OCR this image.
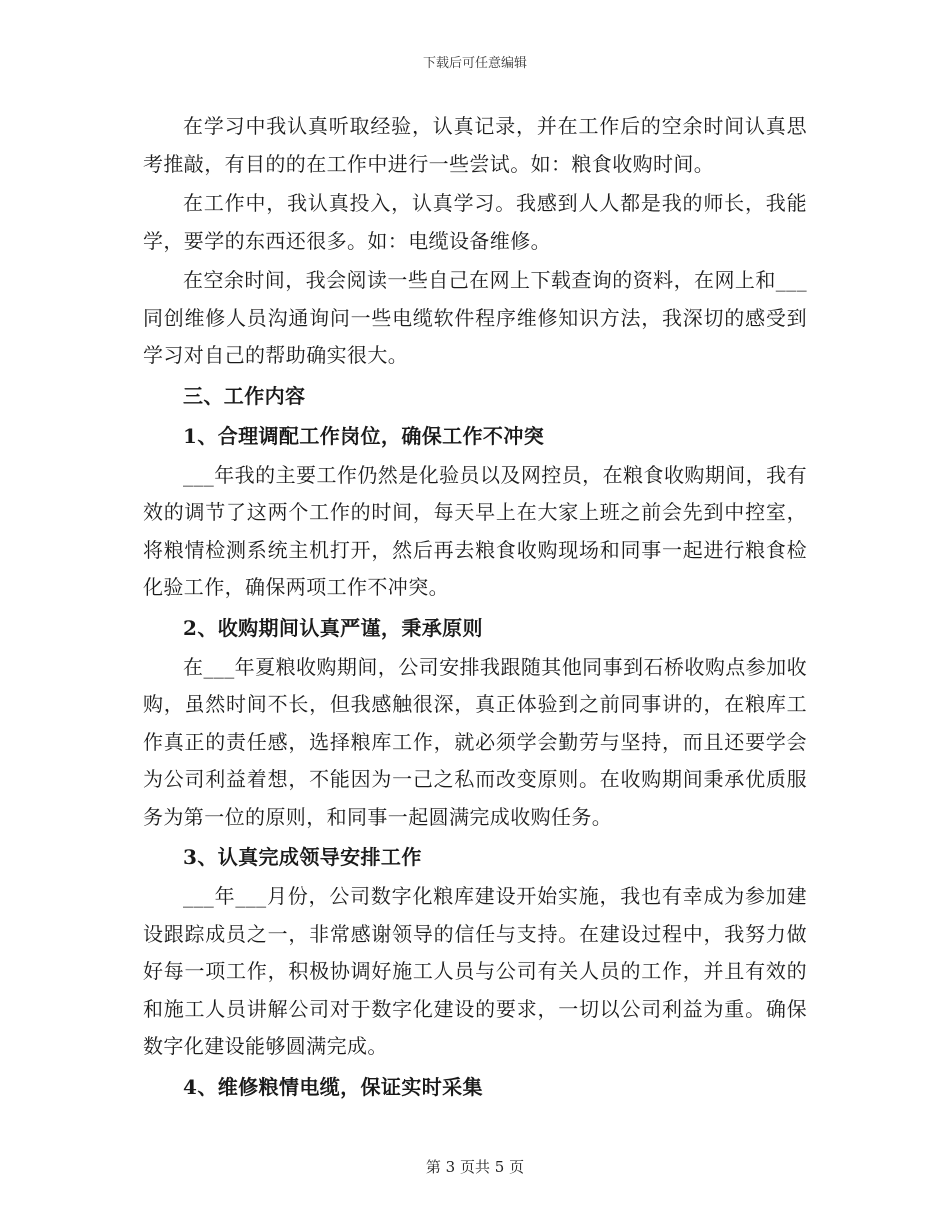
下载后可任意编辑

在学习中我认真听取经验，认真记录，并在工作后的空余时间认真思考推敲，有目的的在工作中进行一些尝试。如：粮食收购时间。

在工作中，我认真投入，认真学习。我感到人人都是我的师长，我能学，要学的东西还很多。如：电缆设备维修。

在空余时间，我会阅读一些自己在网上下载查询的资料，在网上和___同创维修人员沟通询问一些电缆软件程序维修知识方法，我深切的感受到学习对自己的帮助确实很大。

三、工作内容

1、合理调配工作岗位，确保工作不冲突

___年我的主要工作仍然是化验员以及网控员，在粮食收购期间，我有效的调节了这两个工作的时间，每天早上在大家上班之前会先到中控室，将粮情检测系统主机打开，然后再去粮食收购现场和同事一起进行粮食检化验工作，确保两项工作不冲突。

2、收购期间认真严谨，秉承原则

在___年夏粮收购期间，公司安排我跟随其他同事到石桥收购点参加收购，虽然时间不长，但我感触很深，真正体验到之前同事讲的，在粮库工作真正的责任感，选择粮库工作，就必须学会勤劳与坚持，而且还要学会为公司利益着想，不能因为一己之私而改变原则。在收购期间秉承优质服务为第一位的原则，和同事一起圆满完成收购任务。

3、认真完成领导安排工作

___年___月份，公司数字化粮库建设开始实施，我也有幸成为参加建设跟踪成员之一，非常感谢领导的信任与支持。在建设过程中，我努力做好每一项工作，积极协调好施工人员与公司有关人员的工作，并且有效的和施工人员讲解公司对于数字化建设的要求，一切以公司利益为重。确保数字化建设能够圆满完成。

4、维修粮情电缆，保证实时采集

第 3 页共 5 页
